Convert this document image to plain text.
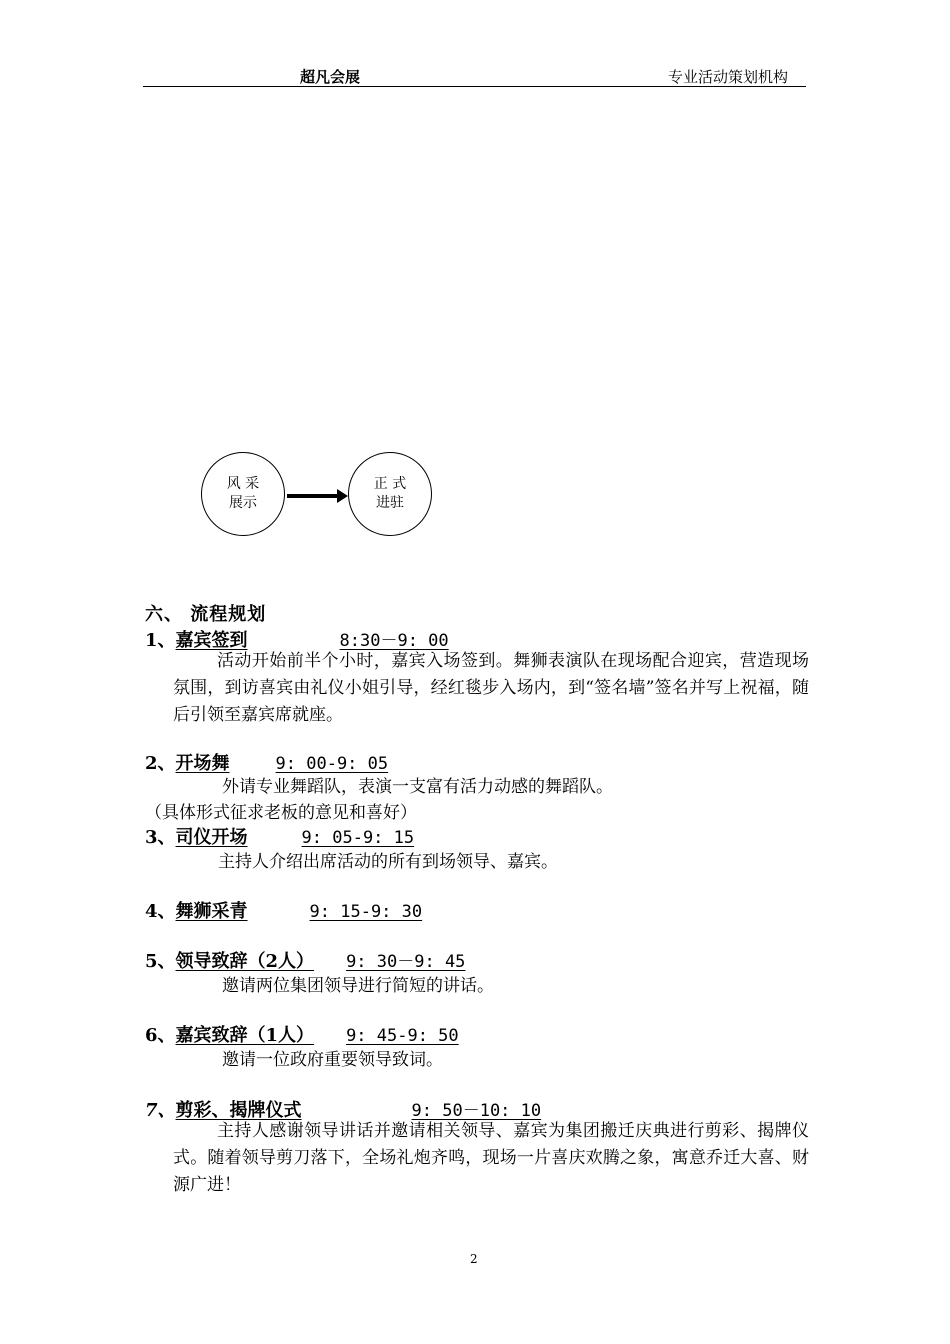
超凡会展	专业活动策划机构
风 采
展示
正 式
进驻
六、 流程规划
1、嘉宾签到	8:30－9: 00
活动开始前半个小时，嘉宾入场签到。舞狮表演队在现场配合迎宾，营造现场氛围，到访喜宾由礼仪小姐引导，经红毯步入场内，到“签名墙”签名并写上祝福，随后引领至嘉宾席就座。
2、开场舞	9: 00-9: 05
外请专业舞蹈队，表演一支富有活力动感的舞蹈队。
（具体形式征求老板的意见和喜好）
3、司仪开场	9: 05-9: 15
主持人介绍出席活动的所有到场领导、嘉宾。
4、舞狮采青	9: 15-9: 30
5、领导致辞（2人） 9: 30－9: 45
邀请两位集团领导进行简短的讲话。
6、嘉宾致辞（1人） 9: 45-9: 50
邀请一位政府重要领导致词。
7、剪彩、揭牌仪式	9: 50－10: 10
主持人感谢领导讲话并邀请相关领导、嘉宾为集团搬迁庆典进行剪彩、揭牌仪式。随着领导剪刀落下，全场礼炮齐鸣，现场一片喜庆欢腾之象，寓意乔迁大喜、财源广进！
2
